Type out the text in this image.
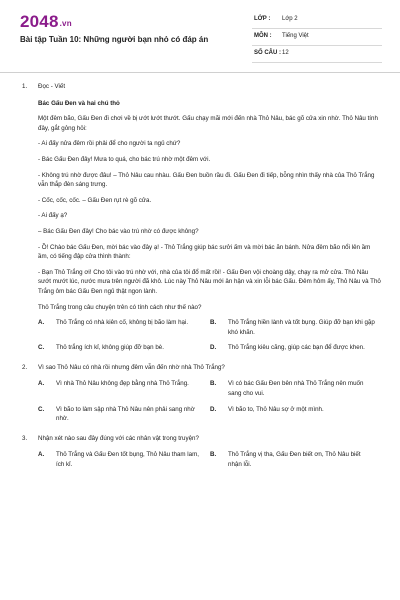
2048.vn
Bài tập Tuần 10: Những người bạn nhỏ có đáp án
LỚP : Lớp 2
MÔN : Tiếng Việt
SỐ CÂU : 12
1. Đọc - Viết
Bác Gấu Đen và hai chú thỏ
Một đêm bão, Gấu Đen đi chơi về bị ướt lướt thướt. Gấu chạy mãi mới đến nhà Thỏ Nâu, bác gõ cửa xin nhờ. Thỏ Nâu tính đây, gắt gỏng hỏi:
- Ai đấy nửa đêm rồi phải để cho người ta ngủ chứ?
- Bác Gấu Đen đây! Mưa to quá, cho bác trú nhờ một đêm với.
- Không trú nhờ được đâu! – Thỏ Nâu cau nhàu. Gấu Đen buồn rầu đi. Gấu Đen đi tiếp, bỗng nhìn thấy nhà của Thỏ Trắng vẫn thắp đèn sáng trưng.
- Cốc, cốc, cốc. – Gấu Đen rụt rè gõ cửa.
- Ai đấy ạ?
– Bác Gấu Đen đây! Cho bác vào trú nhờ có được không?
- Ồ! Chào bác Gấu Đen, mời bác vào đây ạ! - Thỏ Trắng giúp bác sưởi ấm và mời bác ăn bánh. Nửa đêm bão nổi lên ầm ầm, có tiếng đập cửa thình thành:
- Bạn Thỏ Trắng ơi! Cho tôi vào trú nhờ với, nhà của tôi đổ mất rồi! - Gấu Đen vội choàng dậy, chạy ra mở cửa. Thỏ Nâu sướt mướt lúc, nước mưa trên người đã khô. Lúc này Thỏ Nâu mới ân hận và xin lỗi bác Gấu. Đêm hôm ấy, Thỏ Nâu và Thỏ Trắng ôm bác Gấu Đen ngủ thật ngon lành.
Thỏ Trắng trong câu chuyện trên có tính cách như thế nào?
A. Thỏ Trắng có nhà kiên cố, không bị bão làm hại.	B. Thỏ Trắng hiền lành và tốt bụng. Giúp đỡ bạn khi gặp khó khăn.
C. Thỏ trắng ích kỉ, không giúp đỡ bạn bè.	D. Thỏ Trắng kiêu căng, giúp các bạn để được khen.
2. Vì sao Thỏ Nâu có nhà rồi nhưng đêm vẫn đến nhờ nhà Thỏ Trắng?
A. Vì nhà Thỏ Nâu không đẹp bằng nhà Thỏ Trắng.	B. Vì có bác Gấu Đen bên nhà Thỏ Trắng nên muốn sang cho vui.
C. Vì bão to làm sập nhà Thỏ Nâu nên phải sang nhờ nhờ.
D. Vì bão to, Thỏ Nâu sợ ở một mình.
3. Nhận xét nào sau đây đúng với các nhân vật trong truyện?
A. Thỏ Trắng và Gấu Đen tốt bụng, Thỏ Nâu tham lam, ích kỉ.
B. Thỏ Trắng vị tha, Gấu Đen biết ơn, Thỏ Nâu biết nhận lỗi.
